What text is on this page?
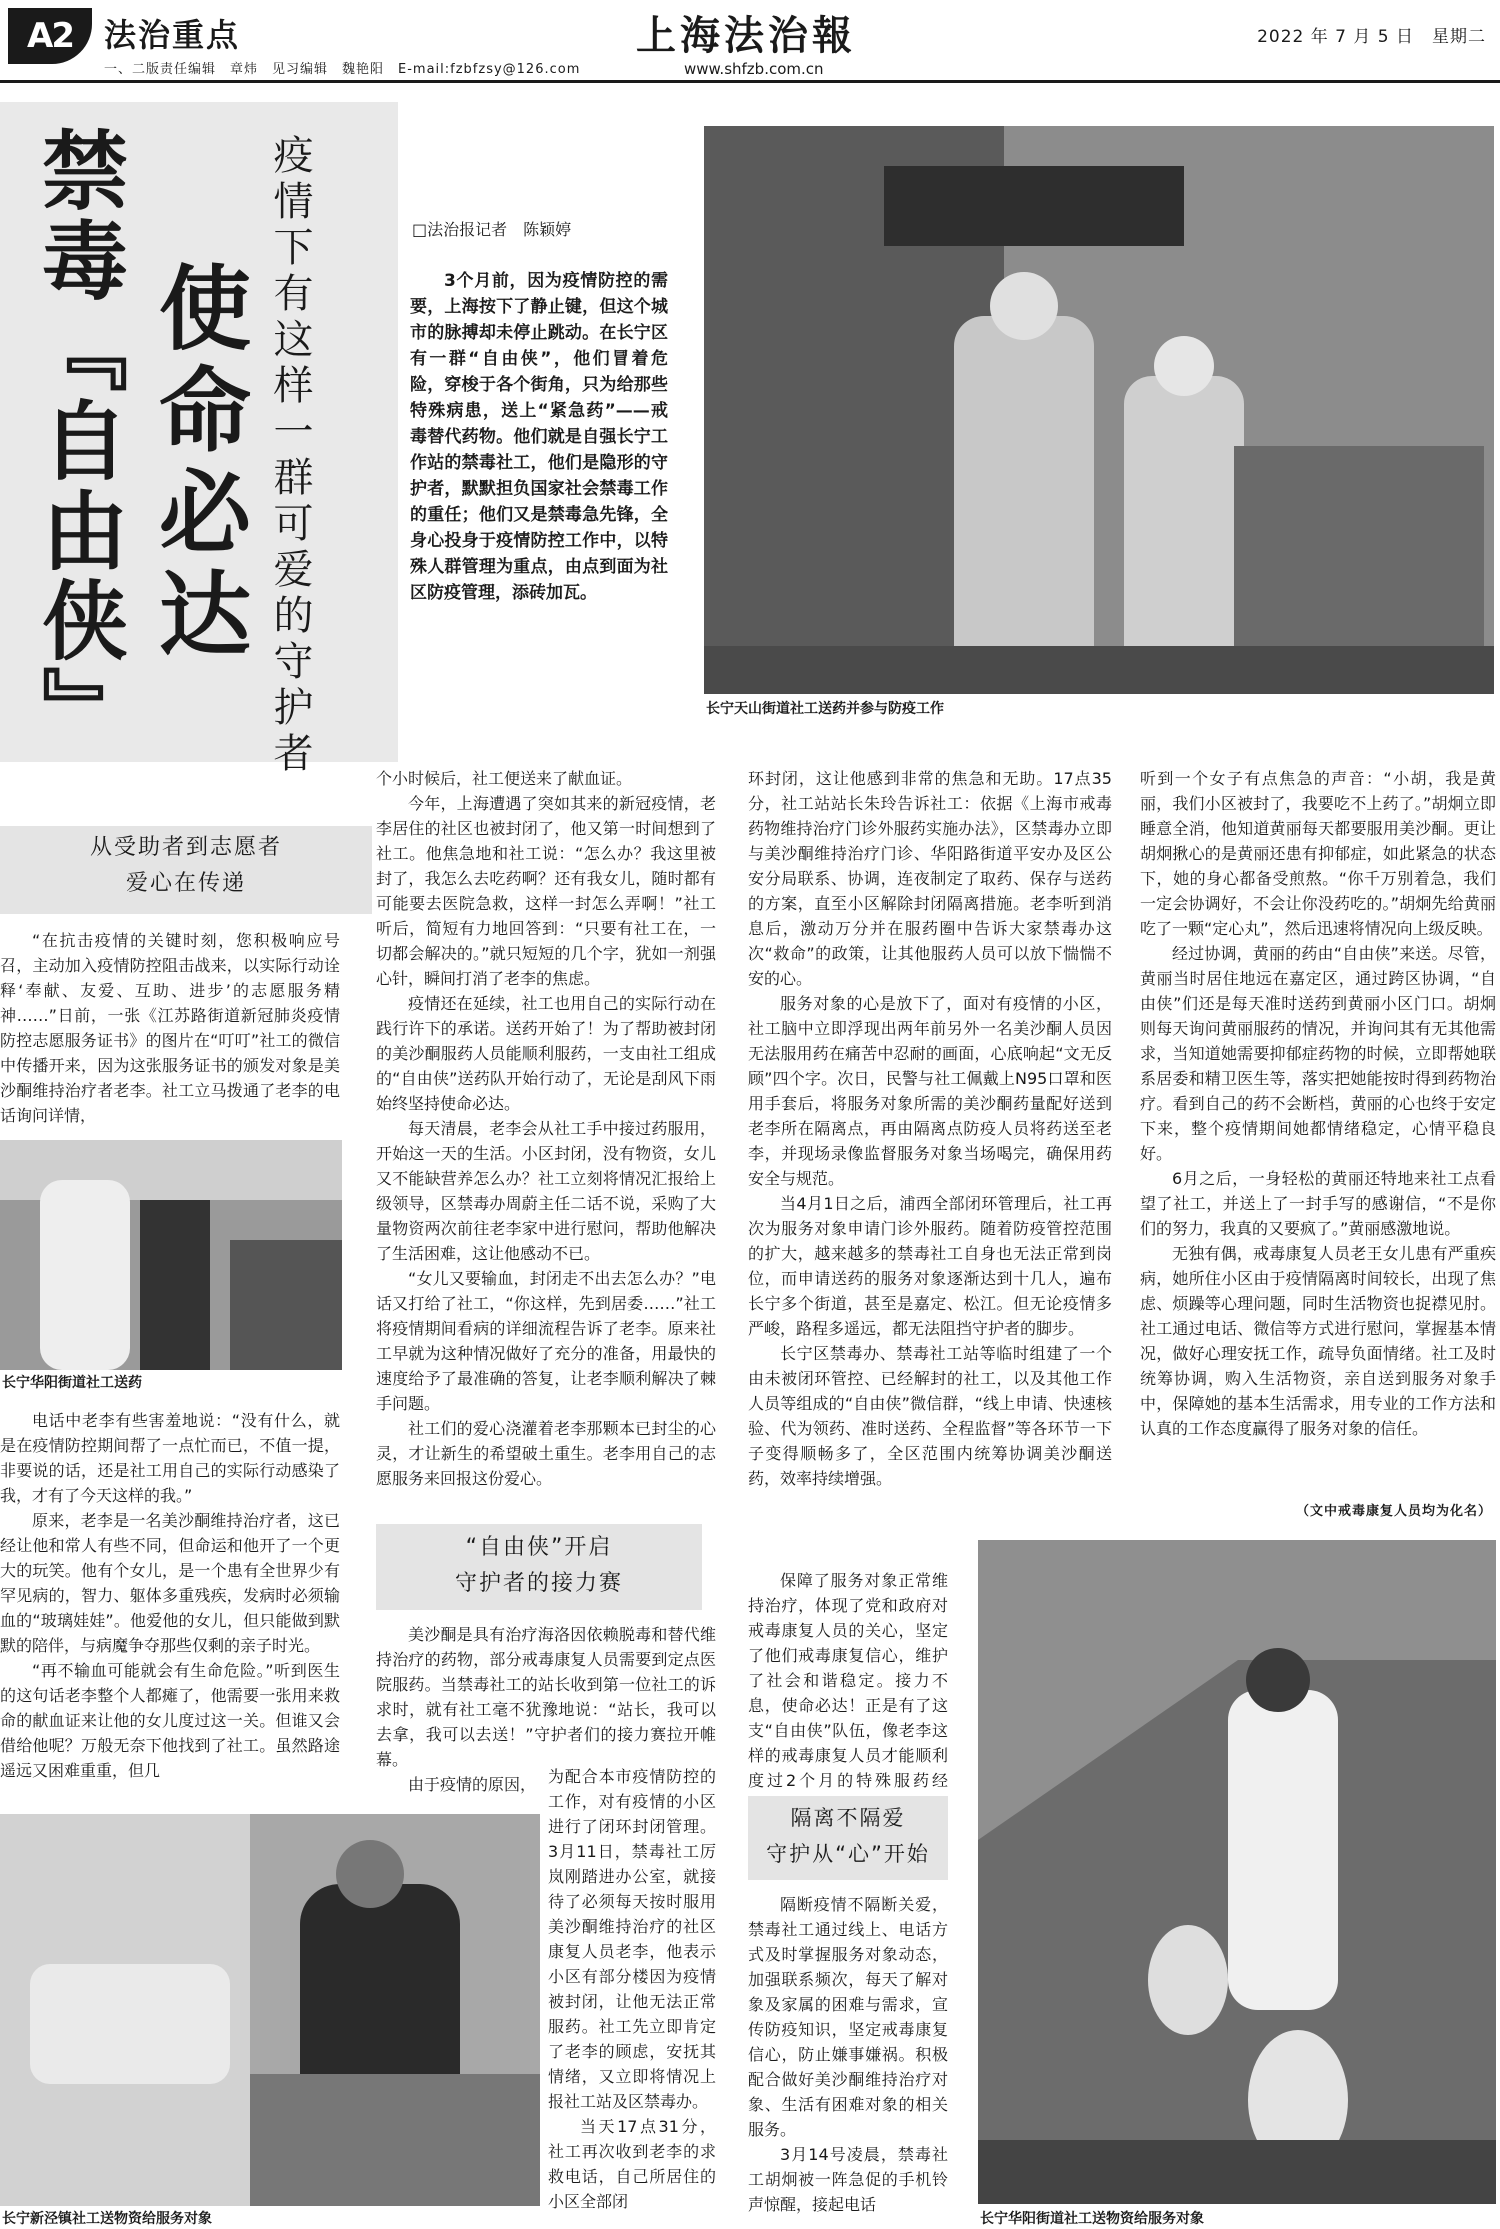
A2 法治重点
一、二版责任编辑　章炜　见习编辑　魏艳阳　E-mail:fzbfzsy@126.com
上海法治報
www.shfzb.com.cn
2022 年 7 月 5 日　星期二
禁毒『自由侠』 使命必达 疫情下有这样一群可爱的守护者	□法治报记者　陈颖婷

3个月前，因为疫情防控的需要，上海按下了静止键，但这个城市的脉搏却未停止跳动。在长宁区有一群“自由侠”，他们冒着危险，穿梭于各个街角，只为给那些特殊病患，送上“紧急药”——戒毒替代药物。他们就是自强长宁工作站的禁毒社工，他们是隐形的守护者，默默担负国家社会禁毒工作的重任；他们又是禁毒急先锋，全身心投身于疫情防控工作中，以特殊人群管理为重点，由点到面为社区防疫管理，添砖加瓦。

长宁天山街道社工送药并参与防疫工作
从受助者到志愿者
爱心在传递

“在抗击疫情的关键时刻，您积极响应号召，主动加入疫情防控阻击战来，以实际行动诠释‘奉献、友爱、互助、进步’的志愿服务精神……”日前，一张《江苏路街道新冠肺炎疫情防控志愿服务证书》的图片在“叮叮”社工的微信中传播开来，因为这张服务证书的颁发对象是美沙酮维持治疗者老李。社工立马拨通了老李的电话询问详情，

长宁华阳街道社工送药

电话中老李有些害羞地说：“没有什么，就是在疫情防控期间帮了一点忙而已，不值一提，非要说的话，还是社工用自己的实际行动感染了我，才有了今天这样的我。”

原来，老李是一名美沙酮维持治疗者，这已经让他和常人有些不同，但命运和他开了一个更大的玩笑。他有个女儿，是一个患有全世界少有罕见病的，智力、躯体多重残疾，发病时必须输血的“玻璃娃娃”。他爱他的女儿，但只能做到默默的陪伴，与病魔争夺那些仅剩的亲子时光。

“再不输血可能就会有生命危险。”听到医生的这句话老李整个人都瘫了，他需要一张用来救命的献血证来让他的女儿度过这一关。但谁又会借给他呢？万般无奈下他找到了社工。虽然路途遥远又困难重重，但几

个小时候后，社工便送来了献血证。

今年，上海遭遇了突如其来的新冠疫情，老李居住的社区也被封闭了，他又第一时间想到了社工。他焦急地和社工说：“怎么办？我这里被封了，我怎么去吃药啊？还有我女儿，随时都有可能要去医院急救，这样一封怎么弄啊！”社工听后，简短有力地回答到：“只要有社工在，一切都会解决的。”就只短短的几个字，犹如一剂强心针，瞬间打消了老李的焦虑。

疫情还在延续，社工也用自己的实际行动在践行许下的承诺。送药开始了！为了帮助被封闭的美沙酮服药人员能顺利服药，一支由社工组成的“自由侠”送药队开始行动了，无论是刮风下雨始终坚持使命必达。

每天清晨，老李会从社工手中接过药服用，开始这一天的生活。小区封闭，没有物资，女儿又不能缺营养怎么办？社工立刻将情况汇报给上级领导，区禁毒办周蔚主任二话不说，采购了大量物资两次前往老李家中进行慰问，帮助他解决了生活困难，这让他感动不已。

“女儿又要输血，封闭走不出去怎么办？”电话又打给了社工，“你这样，先到居委……”社工将疫情期间看病的详细流程告诉了老李。原来社工早就为这种情况做好了充分的准备，用最快的速度给予了最准确的答复，让老李顺利解决了棘手问题。

社工们的爱心浇灌着老李那颗本已封尘的心灵，才让新生的希望破土重生。老李用自己的志愿服务来回报这份爱心。

“自由侠”开启
守护者的接力赛

美沙酮是具有治疗海洛因依赖脱毒和替代维持治疗的药物，部分戒毒康复人员需要到定点医院服药。当禁毒社工的站长收到第一位社工的诉求时，就有社工毫不犹豫地说：“站长，我可以去拿，我可以去送！”守护者们的接力赛拉开帷幕。

由于疫情的原因，

长宁新泾镇社工送物资给服务对象

为配合本市疫情防控的工作，对有疫情的小区进行了闭环封闭管理。3月11日，禁毒社工厉岚刚踏进办公室，就接待了必须每天按时服用美沙酮维持治疗的社区康复人员老李，他表示小区有部分楼因为疫情被封闭，让他无法正常服药。社工先立即肯定了老李的顾虑，安抚其情绪，又立即将情况上报社工站及区禁毒办。

当天17点31分，社工再次收到老李的求救电话，自己所居住的小区全部闭

环封闭，这让他感到非常的焦急和无助。17点35分，社工站站长朱玲告诉社工：依据《上海市戒毒药物维持治疗门诊外服药实施办法》，区禁毒办立即与美沙酮维持治疗门诊、华阳路街道平安办及区公安分局联系、协调，连夜制定了取药、保存与送药的方案，直至小区解除封闭隔离措施。老李听到消息后，激动万分并在服药圈中告诉大家禁毒办这次“救命”的政策，让其他服药人员可以放下惴惴不安的心。

服务对象的心是放下了，面对有疫情的小区，社工脑中立即浮现出两年前另外一名美沙酮人员因无法服用药在痛苦中忍耐的画面，心底响起“文无反顾”四个字。次日，民警与社工佩戴上N95口罩和医用手套后，将服务对象所需的美沙酮药量配好送到老李所在隔离点，再由隔离点防疫人员将药送至老李，并现场录像监督服务对象当场喝完，确保用药安全与规范。

当4月1日之后，浦西全部闭环管理后，社工再次为服务对象申请门诊外服药。随着防疫管控范围的扩大，越来越多的禁毒社工自身也无法正常到岗位，而申请送药的服务对象逐渐达到十几人，遍布长宁多个街道，甚至是嘉定、松江。但无论疫情多严峻，路程多遥远，都无法阻挡守护者的脚步。

长宁区禁毒办、禁毒社工站等临时组建了一个由未被闭环管控、已经解封的社工，以及其他工作人员等组成的“自由侠”微信群，“线上申请、快速核验、代为领药、准时送药、全程监督”等各环节一下子变得顺畅多了，全区范围内统筹协调美沙酮送药，效率持续增强。

保障了服务对象正常维持治疗，体现了党和政府对戒毒康复人员的关心，坚定了他们戒毒康复信心，维护了社会和谐稳定。接力不息，使命必达！正是有了这支“自由侠”队伍，像老李这样的戒毒康复人员才能顺利度过2个月的特殊服药经

隔离不隔爱
守护从“心”开始

隔断疫情不隔断关爱，禁毒社工通过线上、电话方式及时掌握服务对象动态，加强联系频次，每天了解对象及家属的困难与需求，宣传防疫知识，坚定戒毒康复信心，防止嫌事嫌祸。积极配合做好美沙酮维持治疗对象、生活有困难对象的相关服务。

3月14号凌晨，禁毒社工胡炯被一阵急促的手机铃声惊醒，接起电话

听到一个女子有点焦急的声音：“小胡，我是黄丽，我们小区被封了，我要吃不上药了。”胡炯立即睡意全消，他知道黄丽每天都要服用美沙酮。更让胡炯揪心的是黄丽还患有抑郁症，如此紧急的状态下，她的身心都备受煎熬。“你千万别着急，我们一定会协调好，不会让你没药吃的。”胡炯先给黄丽吃了一颗“定心丸”，然后迅速将情况向上级反映。

经过协调，黄丽的药由“自由侠”来送。尽管，黄丽当时居住地远在嘉定区，通过跨区协调，“自由侠”们还是每天准时送药到黄丽小区门口。胡炯则每天询问黄丽服药的情况，并询问其有无其他需求，当知道她需要抑郁症药物的时候，立即帮她联系居委和精卫医生等，落实把她能按时得到药物治疗。看到自己的药不会断档，黄丽的心也终于安定下来，整个疫情期间她都情绪稳定，心情平稳良好。

6月之后，一身轻松的黄丽还特地来社工点看望了社工，并送上了一封手写的感谢信，“不是你们的努力，我真的又要疯了。”黄丽感激地说。

无独有偶，戒毒康复人员老王女儿患有严重疾病，她所住小区由于疫情隔离时间较长，出现了焦虑、烦躁等心理问题，同时生活物资也捉襟见肘。社工通过电话、微信等方式进行慰问，掌握基本情况，做好心理安抚工作，疏导负面情绪。社工及时统筹协调，购入生活物资，亲自送到服务对象手中，保障她的基本生活需求，用专业的工作方法和认真的工作态度赢得了服务对象的信任。

（文中戒毒康复人员均为化名）
长宁华阳街道社工送物资给服务对象
